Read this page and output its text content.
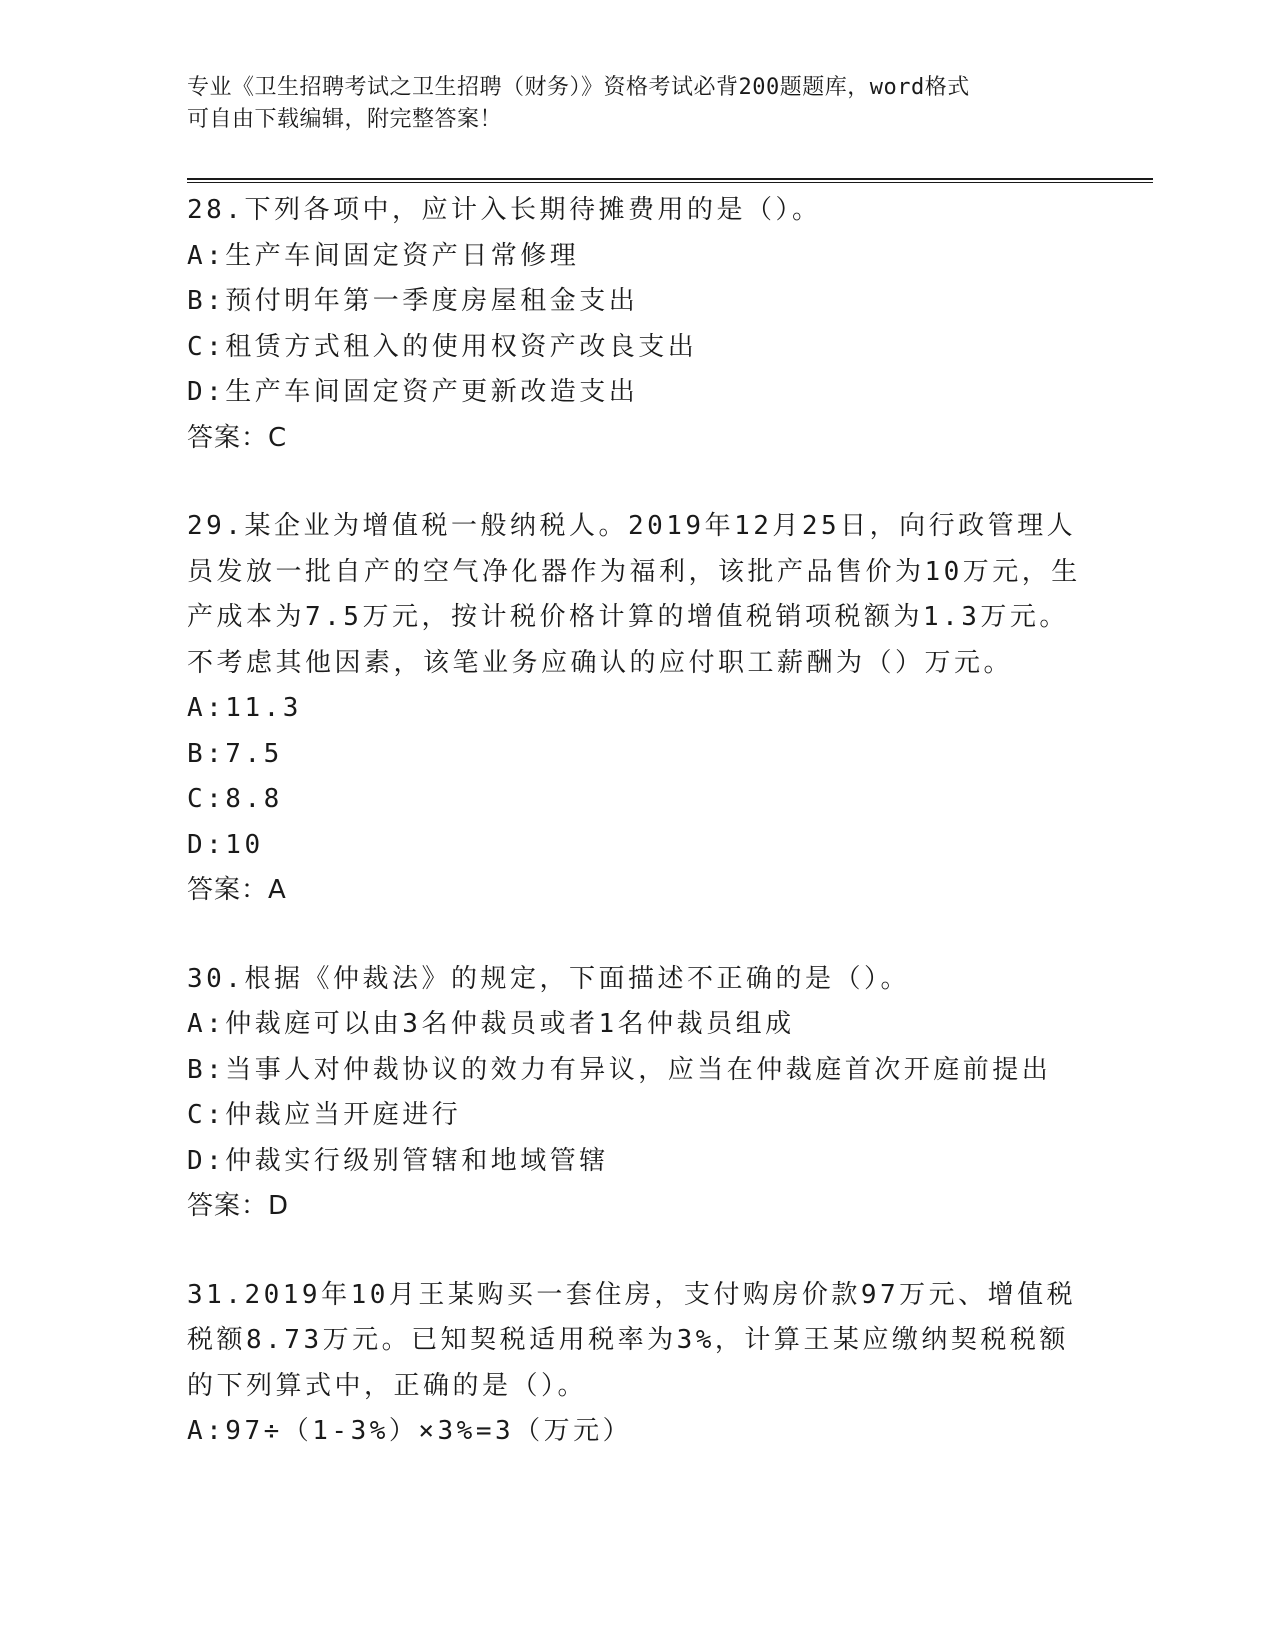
专业《卫生招聘考试之卫生招聘（财务）》资格考试必背200题题库，word格式
可自由下载编辑，附完整答案！
28.下列各项中，应计入长期待摊费用的是（）。
A:生产车间固定资产日常修理
B:预付明年第一季度房屋租金支出
C:租赁方式租入的使用权资产改良支出
D:生产车间固定资产更新改造支出
答案：C
29.某企业为增值税一般纳税人。2019年12月25日，向行政管理人员发放一批自产的空气净化器作为福利，该批产品售价为10万元，生产成本为7.5万元，按计税价格计算的增值税销项税额为1.3万元。不考虑其他因素，该笔业务应确认的应付职工薪酬为（）万元。
A:11.3
B:7.5
C:8.8
D:10
答案：A
30.根据《仲裁法》的规定，下面描述不正确的是（）。
A:仲裁庭可以由3名仲裁员或者1名仲裁员组成
B:当事人对仲裁协议的效力有异议，应当在仲裁庭首次开庭前提出
C:仲裁应当开庭进行
D:仲裁实行级别管辖和地域管辖
答案：D
31.2019年10月王某购买一套住房，支付购房价款97万元、增值税税额8.73万元。已知契税适用税率为3%，计算王某应缴纳契税税额的下列算式中，正确的是（）。
A:97÷（1-3%）×3%=3（万元）
